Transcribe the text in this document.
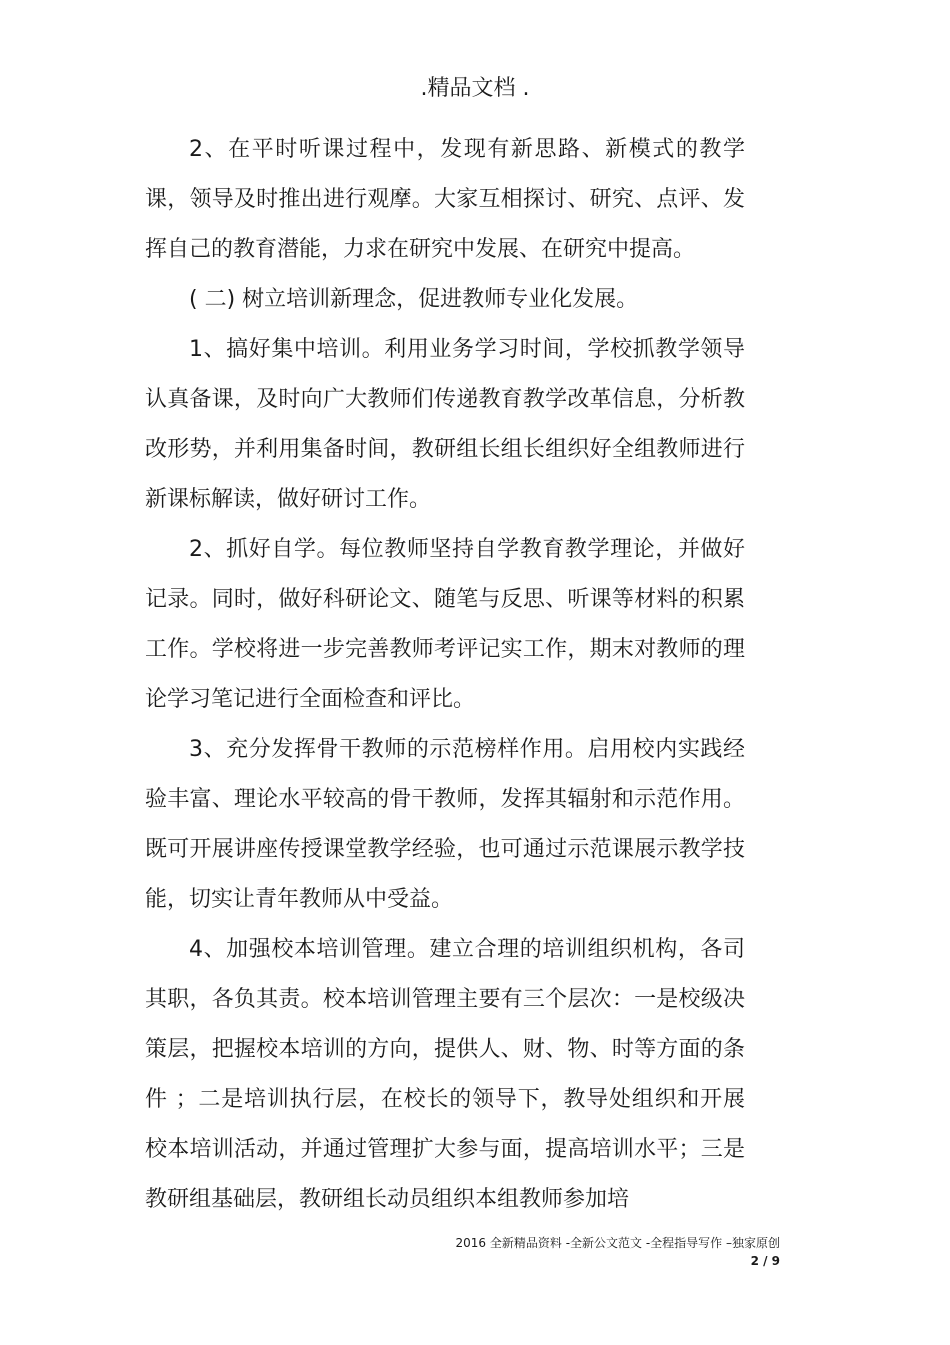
.精品文档 .

2、在平时听课过程中，发现有新思路、新模式的教学课，领导及时推出进行观摩。大家互相探讨、研究、点评、发挥自己的教育潜能，力求在研究中发展、在研究中提高。

( 二) 树立培训新理念，促进教师专业化发展。

1、搞好集中培训。利用业务学习时间，学校抓教学领导认真备课，及时向广大教师们传递教育教学改革信息，分析教改形势，并利用集备时间，教研组长组长组织好全组教师进行新课标解读，做好研讨工作。

2、抓好自学。每位教师坚持自学教育教学理论，并做好记录。同时，做好科研论文、随笔与反思、听课等材料的积累工作。学校将进一步完善教师考评记实工作，期末对教师的理论学习笔记进行全面检查和评比。

3、充分发挥骨干教师的示范榜样作用。启用校内实践经验丰富、理论水平较高的骨干教师，发挥其辐射和示范作用。既可开展讲座传授课堂教学经验，也可通过示范课展示教学技能，切实让青年教师从中受益。

4、加强校本培训管理。建立合理的培训组织机构，各司其职，各负其责。校本培训管理主要有三个层次：一是校级决策层，把握校本培训的方向，提供人、财、物、时等方面的条件 ；二是培训执行层，在校长的领导下，教导处组织和开展校本培训活动，并通过管理扩大参与面，提高培训水平；三是教研组基础层，教研组长动员组织本组教师参加培

2016 全新精品资料 -全新公文范文 -全程指导写作 –独家原创
2 / 9
